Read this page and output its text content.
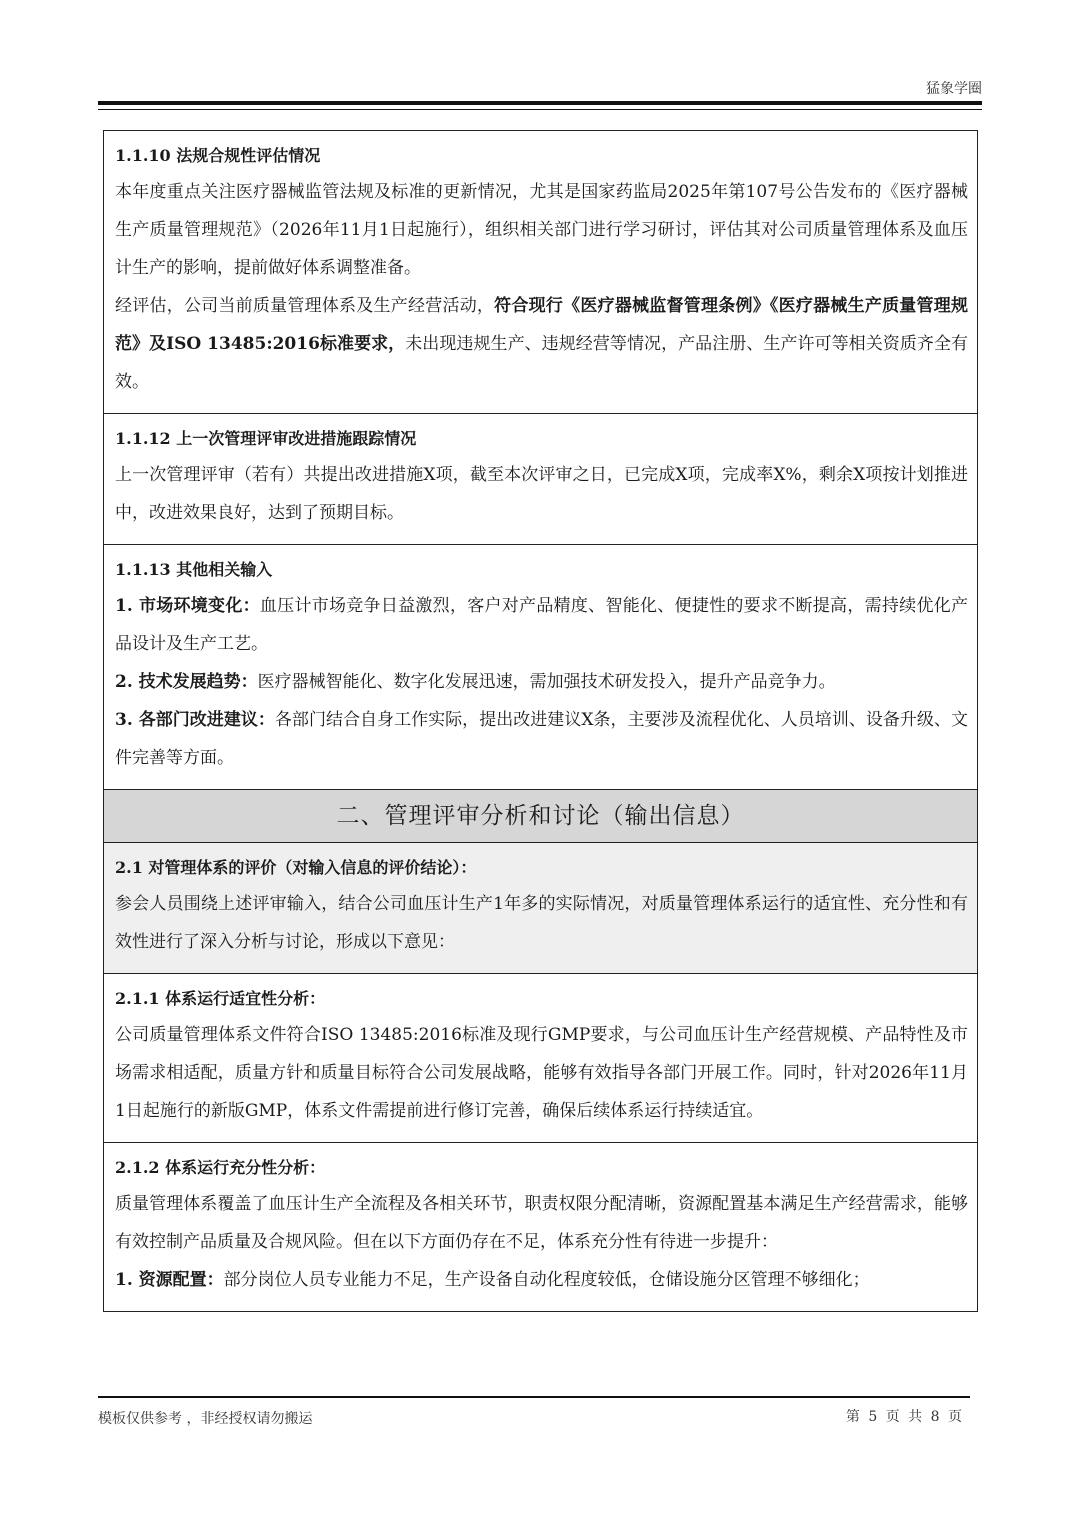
猛象学圈

1.1.10 法规合规性评估情况

本年度重点关注医疗器械监管法规及标准的更新情况，尤其是国家药监局2025年第107号公告发布的《医疗器械生产质量管理规范》（2026年11月1日起施行），组织相关部门进行学习研讨，评估其对公司质量管理体系及血压计生产的影响，提前做好体系调整准备。

经评估，公司当前质量管理体系及生产经营活动，符合现行《医疗器械监督管理条例》《医疗器械生产质量管理规范》及ISO 13485:2016标准要求，未出现违规生产、违规经营等情况，产品注册、生产许可等相关资质齐全有效。

1.1.12 上一次管理评审改进措施跟踪情况

上一次管理评审（若有）共提出改进措施X项，截至本次评审之日，已完成X项，完成率X%，剩余X项按计划推进中，改进效果良好，达到了预期目标。

1.1.13 其他相关输入

1. 市场环境变化：血压计市场竞争日益激烈，客户对产品精度、智能化、便捷性的要求不断提高，需持续优化产品设计及生产工艺。

2. 技术发展趋势：医疗器械智能化、数字化发展迅速，需加强技术研发投入，提升产品竞争力。

3. 各部门改进建议：各部门结合自身工作实际，提出改进建议X条，主要涉及流程优化、人员培训、设备升级、文件完善等方面。

二、管理评审分析和讨论（输出信息）

2.1 对管理体系的评价（对输入信息的评价结论）：

参会人员围绕上述评审输入，结合公司血压计生产1年多的实际情况，对质量管理体系运行的适宜性、充分性和有效性进行了深入分析与讨论，形成以下意见：

2.1.1 体系运行适宜性分析：

公司质量管理体系文件符合ISO 13485:2016标准及现行GMP要求，与公司血压计生产经营规模、产品特性及市场需求相适配，质量方针和质量目标符合公司发展战略，能够有效指导各部门开展工作。同时，针对2026年11月1日起施行的新版GMP，体系文件需提前进行修订完善，确保后续体系运行持续适宜。

2.1.2 体系运行充分性分析：

质量管理体系覆盖了血压计生产全流程及各相关环节，职责权限分配清晰，资源配置基本满足生产经营需求，能够有效控制产品质量及合规风险。但在以下方面仍存在不足，体系充分性有待进一步提升：

1. 资源配置：部分岗位人员专业能力不足，生产设备自动化程度较低，仓储设施分区管理不够细化；

模板仅供参考 ，非经授权请勿搬运	第 5 页 共 8 页
